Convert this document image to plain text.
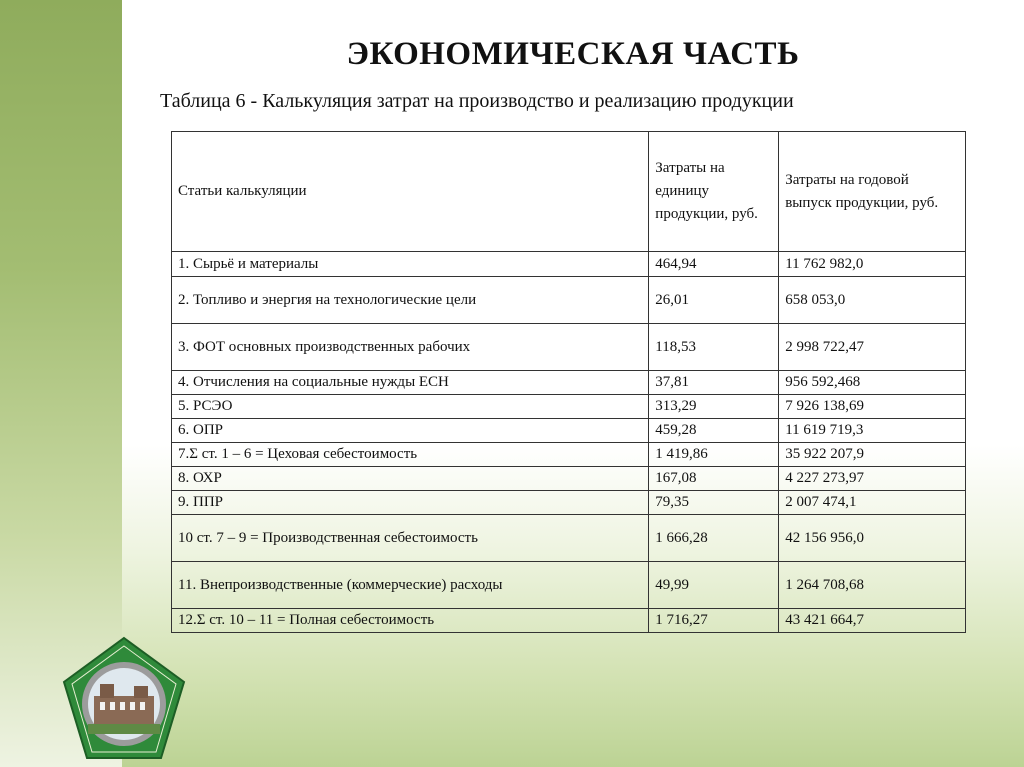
ЭКОНОМИЧЕСКАЯ ЧАСТЬ
Таблица 6 - Калькуляция затрат на производство и реализацию продукции
Статьи калькуляции	Затраты на единицу продукции, руб.	Затраты на годовой выпуск продукции, руб.
1. Сырьё и материалы	464,94	11 762 982,0
2. Топливо и энергия на технологические цели	26,01	658 053,0
3. ФОТ основных производственных рабочих	118,53	2 998 722,47
4. Отчисления на социальные нужды ЕСН	37,81	956 592,468
5. РСЭО	313,29	7 926 138,69
6. ОПР	459,28	11 619 719,3
7.Σ ст. 1 – 6 = Цеховая себестоимость	1 419,86	35 922 207,9
8. ОХР	167,08	4 227 273,97
9. ППР	79,35	2 007 474,1
10 ст. 7 – 9 = Производственная себестоимость	1 666,28	42 156 956,0
11. Внепроизводственные (коммерческие) расходы	49,99	1 264 708,68
12.Σ ст. 10 – 11 = Полная себестоимость	1 716,27	43 421 664,7
